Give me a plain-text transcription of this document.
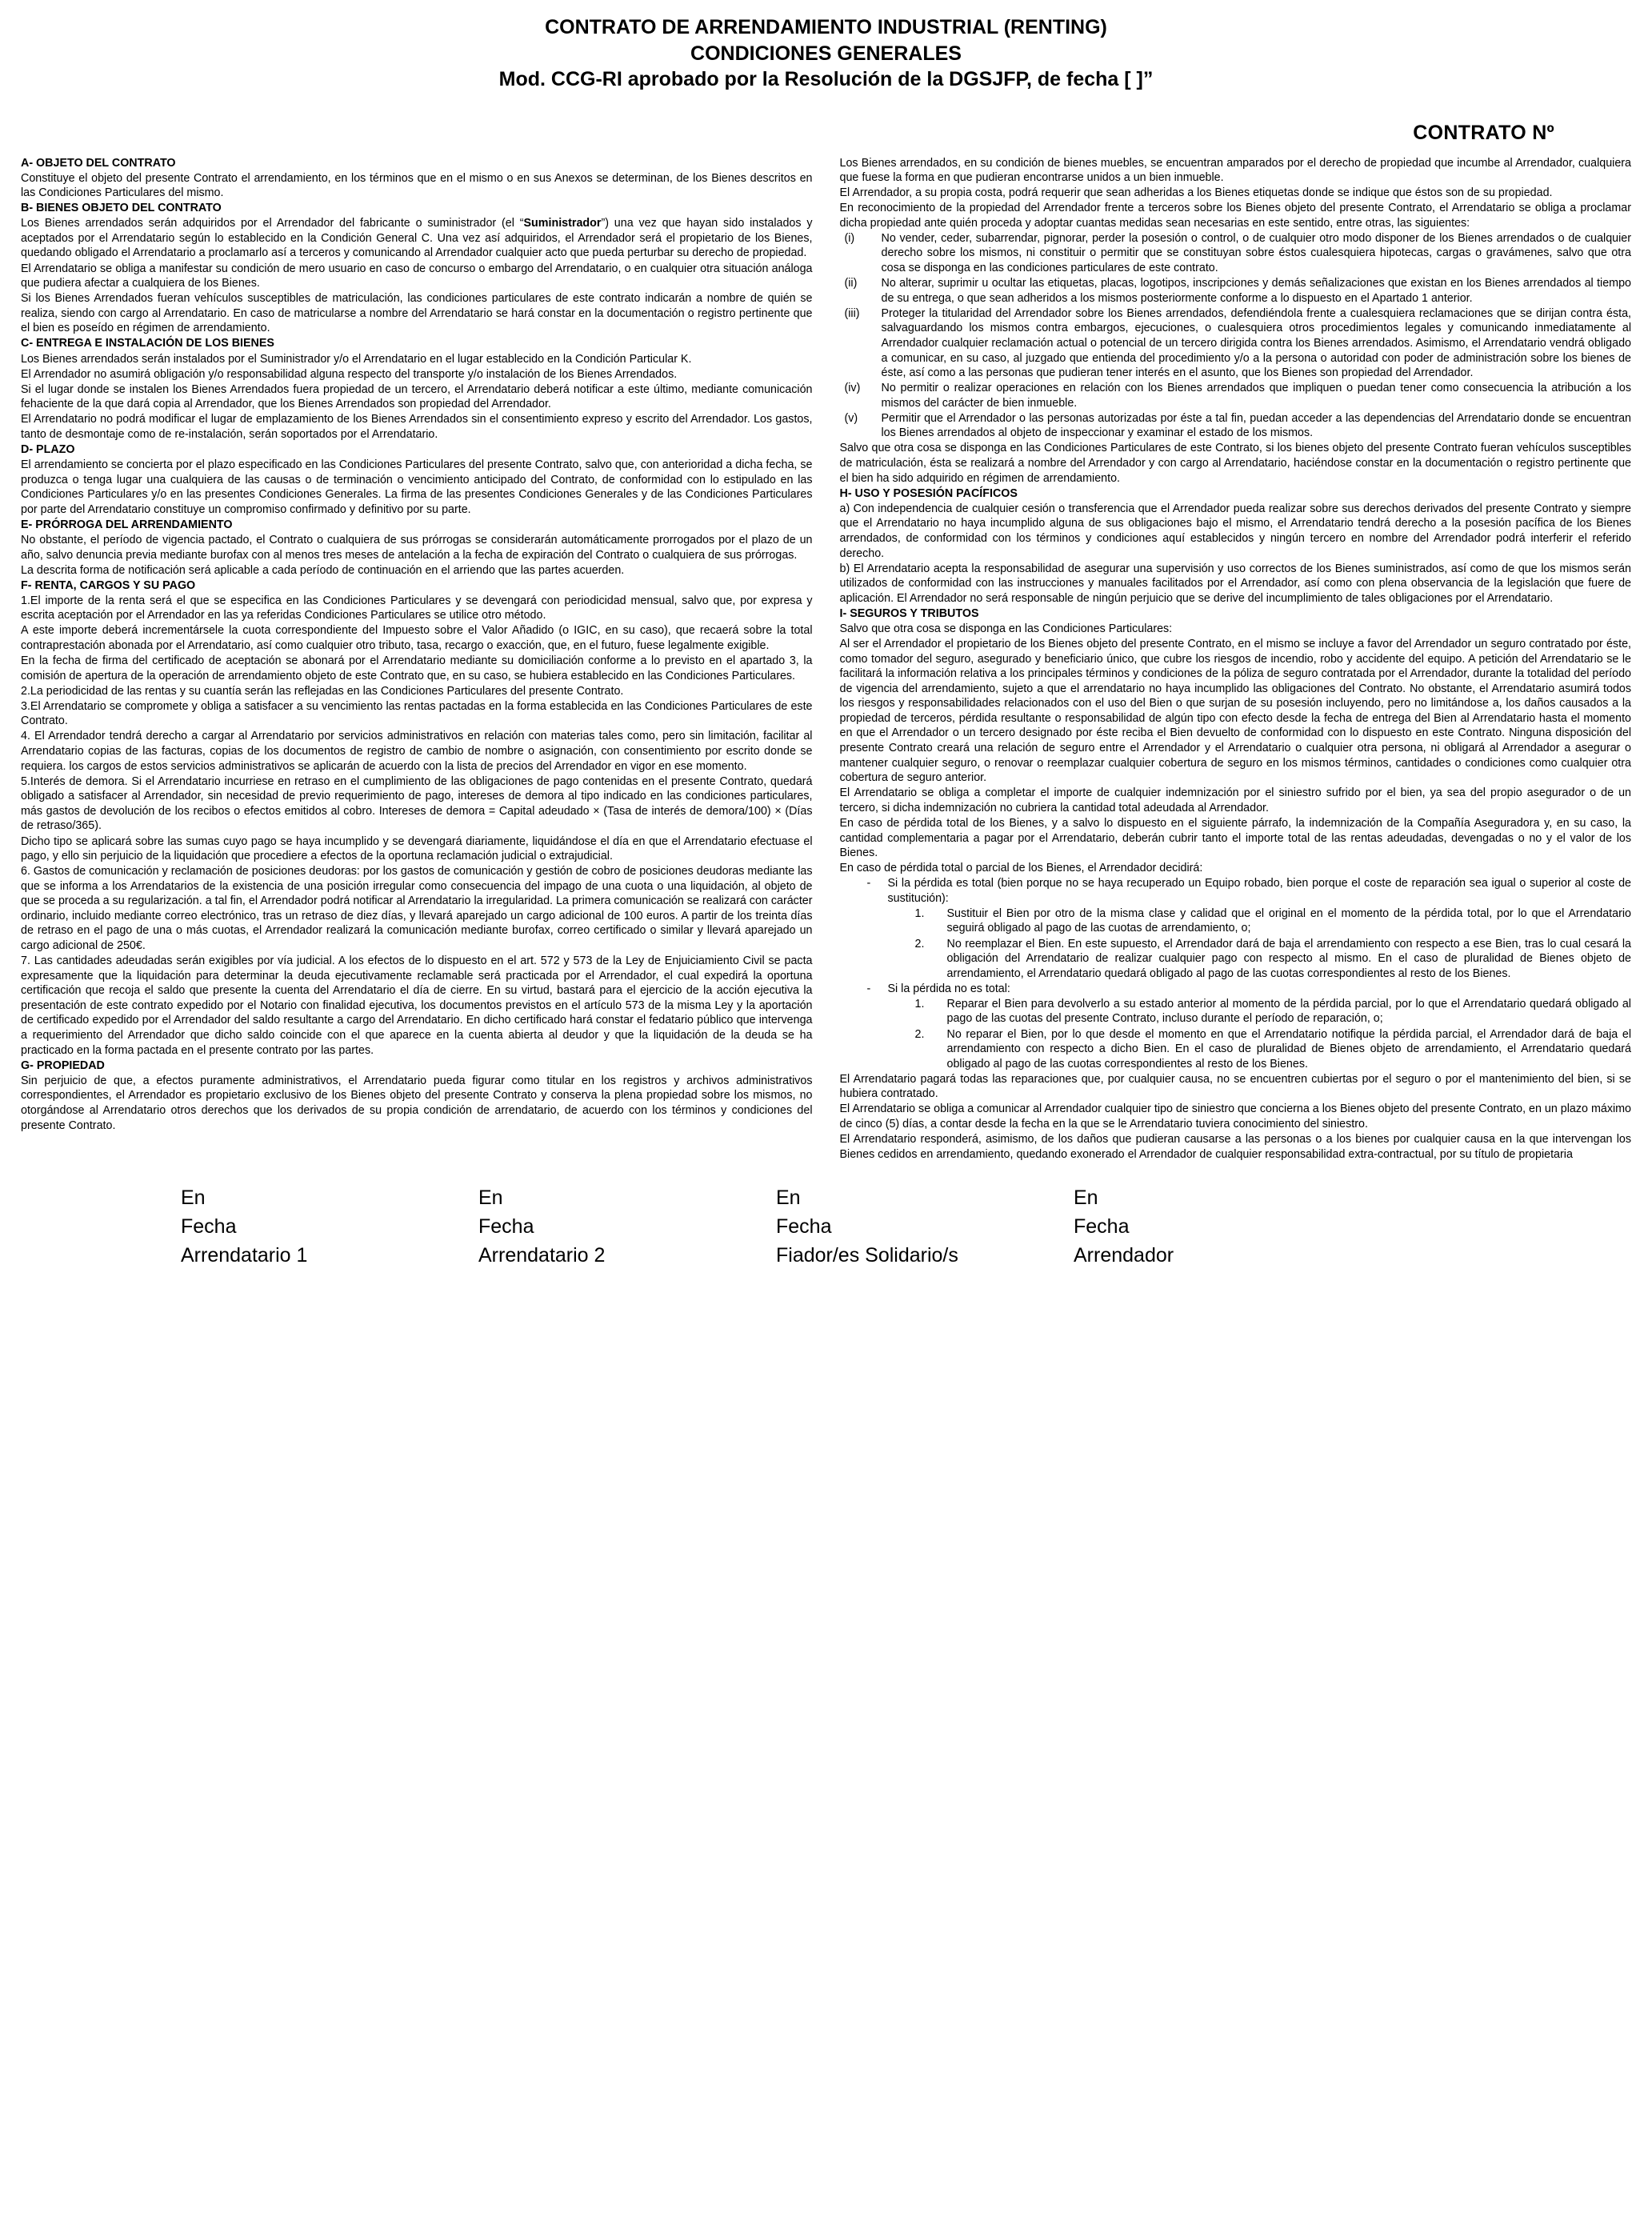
CONTRATO DE ARRENDAMIENTO INDUSTRIAL (RENTING)
CONDICIONES GENERALES
Mod. CCG-RI aprobado por la Resolución de la DGSJFP, de fecha [ ]”
CONTRATO Nº

A- OBJETO DEL CONTRATO

Constituye el objeto del presente Contrato el arrendamiento, en los términos que en el mismo o en sus Anexos se determinan, de los Bienes descritos en las Condiciones Particulares del mismo.

B- BIENES OBJETO DEL CONTRATO

Los Bienes arrendados serán adquiridos por el Arrendador del fabricante o suministrador (el “Suministrador”) una vez que hayan sido instalados y aceptados por el Arrendatario según lo establecido en la Condición General C. Una vez así adquiridos, el Arrendador será el propietario de los Bienes, quedando obligado el Arrendatario a proclamarlo así a terceros y comunicando al Arrendador cualquier acto que pueda perturbar su derecho de propiedad.

El Arrendatario se obliga a manifestar su condición de mero usuario en caso de concurso o embargo del Arrendatario, o en cualquier otra situación análoga que pudiera afectar a cualquiera de los Bienes.

Si los Bienes Arrendados fueran vehículos susceptibles de matriculación, las condiciones particulares de este contrato indicarán a nombre de quién se realiza, siendo con cargo al Arrendatario. En caso de matricularse a nombre del Arrendatario se hará constar en la documentación o registro pertinente que el bien es poseído en régimen de arrendamiento.

C- ENTREGA E INSTALACIÓN DE LOS BIENES

Los Bienes arrendados serán instalados por el Suministrador y/o el Arrendatario en el lugar establecido en la Condición Particular K.

El Arrendador no asumirá obligación y/o responsabilidad alguna respecto del transporte y/o instalación de los Bienes Arrendados.

Si el lugar donde se instalen los Bienes Arrendados fuera propiedad de un tercero, el Arrendatario deberá notificar a este último, mediante comunicación fehaciente de la que dará copia al Arrendador, que los Bienes Arrendados son propiedad del Arrendador.

El Arrendatario no podrá modificar el lugar de emplazamiento de los Bienes Arrendados sin el consentimiento expreso y escrito del Arrendador. Los gastos, tanto de desmontaje como de re-instalación, serán soportados por el Arrendatario.

D- PLAZO

El arrendamiento se concierta por el plazo especificado en las Condiciones Particulares del presente Contrato, salvo que, con anterioridad a dicha fecha, se produzca o tenga lugar una cualquiera de las causas o de terminación o vencimiento anticipado del Contrato, de conformidad con lo estipulado en las Condiciones Particulares y/o en las presentes Condiciones Generales. La firma de las presentes Condiciones Generales y de las Condiciones Particulares por parte del Arrendatario constituye un compromiso confirmado y definitivo por su parte.

E- PRÓRROGA DEL ARRENDAMIENTO

No obstante, el período de vigencia pactado, el Contrato o cualquiera de sus prórrogas se considerarán automáticamente prorrogados por el plazo de un año, salvo denuncia previa mediante burofax con al menos tres meses de antelación a la fecha de expiración del Contrato o cualquiera de sus prórrogas.

La descrita forma de notificación será aplicable a cada período de continuación en el arriendo que las partes acuerden.

F- RENTA, CARGOS Y SU PAGO

1.El importe de la renta será el que se especifica en las Condiciones Particulares y se devengará con periodicidad mensual, salvo que, por expresa y escrita aceptación por el Arrendador en las ya referidas Condiciones Particulares se utilice otro método.

A este importe deberá incrementársele la cuota correspondiente del Impuesto sobre el Valor Añadido (o IGIC, en su caso), que recaerá sobre la total contraprestación abonada por el Arrendatario, así como cualquier otro tributo, tasa, recargo o exacción, que, en el futuro, fuese legalmente exigible.

En la fecha de firma del certificado de aceptación se abonará por el Arrendatario mediante su domiciliación conforme a lo previsto en el apartado 3, la comisión de apertura de la operación de arrendamiento objeto de este Contrato que, en su caso, se hubiera establecido en las Condiciones Particulares.

2.La periodicidad de las rentas y su cuantía serán las reflejadas en las Condiciones Particulares del presente Contrato.

3.El Arrendatario se compromete y obliga a satisfacer a su vencimiento las rentas pactadas en la forma establecida en las Condiciones Particulares de este Contrato.

4. El Arrendador tendrá derecho a cargar al Arrendatario por servicios administrativos en relación con materias tales como, pero sin limitación, facilitar al Arrendatario copias de las facturas, copias de los documentos de registro de cambio de nombre o asignación, con consentimiento por escrito donde se requiera. los cargos de estos servicios administrativos se aplicarán de acuerdo con la lista de precios del Arrendador en vigor en ese momento.

5.Interés de demora. Si el Arrendatario incurriese en retraso en el cumplimiento de las obligaciones de pago contenidas en el presente Contrato, quedará obligado a satisfacer al Arrendador, sin necesidad de previo requerimiento de pago, intereses de demora al tipo indicado en las condiciones particulares, más gastos de devolución de los recibos o efectos emitidos al cobro. Intereses de demora = Capital adeudado × (Tasa de interés de demora/100) × (Días de retraso/365).

Dicho tipo se aplicará sobre las sumas cuyo pago se haya incumplido y se devengará diariamente, liquidándose el día en que el Arrendatario efectuase el pago, y ello sin perjuicio de la liquidación que procediere a efectos de la oportuna reclamación judicial o extrajudicial.

6. Gastos de comunicación y reclamación de posiciones deudoras: por los gastos de comunicación y gestión de cobro de posiciones deudoras mediante las que se informa a los Arrendatarios de la existencia de una posición irregular como consecuencia del impago de una cuota o una liquidación, al objeto de que se proceda a su regularización. a tal fin, el Arrendador podrá notificar al Arrendatario la irregularidad. La primera comunicación se realizará con carácter ordinario, incluido mediante correo electrónico, tras un retraso de diez días, y llevará aparejado un cargo adicional de 100 euros. A partir de los treinta días de retraso en el pago de una o más cuotas, el Arrendador realizará la comunicación mediante burofax, correo certificado o similar y llevará aparejado un cargo adicional de 250€.

7. Las cantidades adeudadas serán exigibles por vía judicial. A los efectos de lo dispuesto en el art. 572 y 573 de la Ley de Enjuiciamiento Civil se pacta expresamente que la liquidación para determinar la deuda ejecutivamente reclamable será practicada por el Arrendador, el cual expedirá la oportuna certificación que recoja el saldo que presente la cuenta del Arrendatario el día de cierre. En su virtud, bastará para el ejercicio de la acción ejecutiva la presentación de este contrato expedido por el Notario con finalidad ejecutiva, los documentos previstos en el artículo 573 de la misma Ley y la aportación de certificado expedido por el Arrendador del saldo resultante a cargo del Arrendatario. En dicho certificado hará constar el fedatario público que intervenga a requerimiento del Arrendador que dicho saldo coincide con el que aparece en la cuenta abierta al deudor y que la liquidación de la deuda se ha practicado en la forma pactada en el presente contrato por las partes.

G- PROPIEDAD

Sin perjuicio de que, a efectos puramente administrativos, el Arrendatario pueda figurar como titular en los registros y archivos administrativos correspondientes, el Arrendador es propietario exclusivo de los Bienes objeto del presente Contrato y conserva la plena propiedad sobre los mismos, no otorgándose al Arrendatario otros derechos que los derivados de su propia condición de arrendatario, de acuerdo con los términos y condiciones del presente Contrato.

Los Bienes arrendados, en su condición de bienes muebles, se encuentran amparados por el derecho de propiedad que incumbe al Arrendador, cualquiera que fuese la forma en que pudieran encontrarse unidos a un bien inmueble.

El Arrendador, a su propia costa, podrá requerir que sean adheridas a los Bienes etiquetas donde se indique que éstos son de su propiedad.

En reconocimiento de la propiedad del Arrendador frente a terceros sobre los Bienes objeto del presente Contrato, el Arrendatario se obliga a proclamar dicha propiedad ante quién proceda y adoptar cuantas medidas sean necesarias en este sentido, entre otras, las siguientes:

(i)	No vender, ceder, subarrendar, pignorar, perder la posesión o control, o de cualquier otro modo disponer de los Bienes arrendados o de cualquier derecho sobre los mismos, ni constituir o permitir que se constituyan sobre éstos cualesquiera hipotecas, cargas o gravámenes, salvo que otra cosa se disponga en las condiciones particulares de este contrato.
(ii)	No alterar, suprimir u ocultar las etiquetas, placas, logotipos, inscripciones y demás señalizaciones que existan en los Bienes arrendados al tiempo de su entrega, o que sean adheridos a los mismos posteriormente conforme a lo dispuesto en el Apartado 1 anterior.
(iii)	Proteger la titularidad del Arrendador sobre los Bienes arrendados, defendiéndola frente a cualesquiera reclamaciones que se dirijan contra ésta, salvaguardando los mismos contra embargos, ejecuciones, o cualesquiera otros procedimientos legales y comunicando inmediatamente al Arrendador cualquier reclamación actual o potencial de un tercero dirigida contra los Bienes arrendados. Asimismo, el Arrendatario vendrá obligado a comunicar, en su caso, al juzgado que entienda del procedimiento y/o a la persona o autoridad con poder de administración sobre los bienes de éste, así como a las personas que pudieran tener interés en el asunto, que los Bienes son propiedad del Arrendador.
(iv)	No permitir o realizar operaciones en relación con los Bienes arrendados que impliquen o puedan tener como consecuencia la atribución a los mismos del carácter de bien inmueble.
(v)	Permitir que el Arrendador o las personas autorizadas por éste a tal fin, puedan acceder a las dependencias del Arrendatario donde se encuentran los Bienes arrendados al objeto de inspeccionar y examinar el estado de los mismos.

Salvo que otra cosa se disponga en las Condiciones Particulares de este Contrato, si los bienes objeto del presente Contrato fueran vehículos susceptibles de matriculación, ésta se realizará a nombre del Arrendador y con cargo al Arrendatario, haciéndose constar en la documentación o registro pertinente que el bien ha sido adquirido en régimen de arrendamiento.

H- USO Y POSESIÓN PACÍFICOS

a) Con independencia de cualquier cesión o transferencia que el Arrendador pueda realizar sobre sus derechos derivados del presente Contrato y siempre que el Arrendatario no haya incumplido alguna de sus obligaciones bajo el mismo, el Arrendatario tendrá derecho a la posesión pacífica de los Bienes arrendados, de conformidad con los términos y condiciones aquí establecidos y ningún tercero en nombre del Arrendador podrá interferir el referido derecho.

b) El Arrendatario acepta la responsabilidad de asegurar una supervisión y uso correctos de los Bienes suministrados, así como de que los mismos serán utilizados de conformidad con las instrucciones y manuales facilitados por el Arrendador, así como con plena observancia de la legislación que fuere de aplicación. El Arrendador no será responsable de ningún perjuicio que se derive del incumplimiento de tales obligaciones por el Arrendatario.

I- SEGUROS Y TRIBUTOS

Salvo que otra cosa se disponga en las Condiciones Particulares:

Al ser el Arrendador el propietario de los Bienes objeto del presente Contrato, en el mismo se incluye a favor del Arrendador un seguro contratado por éste, como tomador del seguro, asegurado y beneficiario único, que cubre los riesgos de incendio, robo y accidente del equipo. A petición del Arrendatario se le facilitará la información relativa a los principales términos y condiciones de la póliza de seguro contratada por el Arrendador, durante la totalidad del período de vigencia del arrendamiento, sujeto a que el arrendatario no haya incumplido las obligaciones del Contrato. No obstante, el Arrendatario asumirá todos los riesgos y responsabilidades relacionados con el uso del Bien o que surjan de su posesión incluyendo, pero no limitándose a, los daños causados a la propiedad de terceros, pérdida resultante o responsabilidad de algún tipo con efecto desde la fecha de entrega del Bien al Arrendatario hasta el momento en que el Arrendador o un tercero designado por éste reciba el Bien devuelto de conformidad con lo dispuesto en este Contrato. Ninguna disposición del presente Contrato creará una relación de seguro entre el Arrendador y el Arrendatario o cualquier otra persona, ni obligará al Arrendador a asegurar o mantener cualquier seguro, o renovar o reemplazar cualquier cobertura de seguro en los mismos términos, cantidades o condiciones como cualquier otra cobertura de seguro anterior.

El Arrendatario se obliga a completar el importe de cualquier indemnización por el siniestro sufrido por el bien, ya sea del propio asegurador o de un tercero, si dicha indemnización no cubriera la cantidad total adeudada al Arrendador.

En caso de pérdida total de los Bienes, y a salvo lo dispuesto en el siguiente párrafo, la indemnización de la Compañía Aseguradora y, en su caso, la cantidad complementaria a pagar por el Arrendatario, deberán cubrir tanto el importe total de las rentas adeudadas, devengadas o no y el valor de los Bienes.

En caso de pérdida total o parcial de los Bienes, el Arrendador decidirá:

-	Si la pérdida es total (bien porque no se haya recuperado un Equipo robado, bien porque el coste de reparación sea igual o superior al coste de sustitución):
1.	Sustituir el Bien por otro de la misma clase y calidad que el original en el momento de la pérdida total, por lo que el Arrendatario seguirá obligado al pago de las cuotas de arrendamiento, o;
2.	No reemplazar el Bien. En este supuesto, el Arrendador dará de baja el arrendamiento con respecto a ese Bien, tras lo cual cesará la obligación del Arrendatario de realizar cualquier pago con respecto al mismo. En el caso de pluralidad de Bienes objeto de arrendamiento, el Arrendatario quedará obligado al pago de las cuotas correspondientes al resto de los Bienes.
-	Si la pérdida no es total:
1.	Reparar el Bien para devolverlo a su estado anterior al momento de la pérdida parcial, por lo que el Arrendatario quedará obligado al pago de las cuotas del presente Contrato, incluso durante el período de reparación, o;
2.	No reparar el Bien, por lo que desde el momento en que el Arrendatario notifique la pérdida parcial, el Arrendador dará de baja el arrendamiento con respecto a dicho Bien. En el caso de pluralidad de Bienes objeto de arrendamiento, el Arrendatario quedará obligado al pago de las cuotas correspondientes al resto de los Bienes.

El Arrendatario pagará todas las reparaciones que, por cualquier causa, no se encuentren cubiertas por el seguro o por el mantenimiento del bien, si se hubiera contratado.

El Arrendatario se obliga a comunicar al Arrendador cualquier tipo de siniestro que concierna a los Bienes objeto del presente Contrato, en un plazo máximo de cinco (5) días, a contar desde la fecha en la que se le Arrendatario tuviera conocimiento del siniestro.

El Arrendatario responderá, asimismo, de los daños que pudieran causarse a las personas o a los bienes por cualquier causa en la que intervengan los Bienes cedidos en arrendamiento, quedando exonerado el Arrendador de cualquier responsabilidad extra-contractual, por su título de propietaria

En
Fecha
Arrendatario 1
En
Fecha
Arrendatario 2
En
Fecha
Fiador/es Solidario/s
En
Fecha
Arrendador
